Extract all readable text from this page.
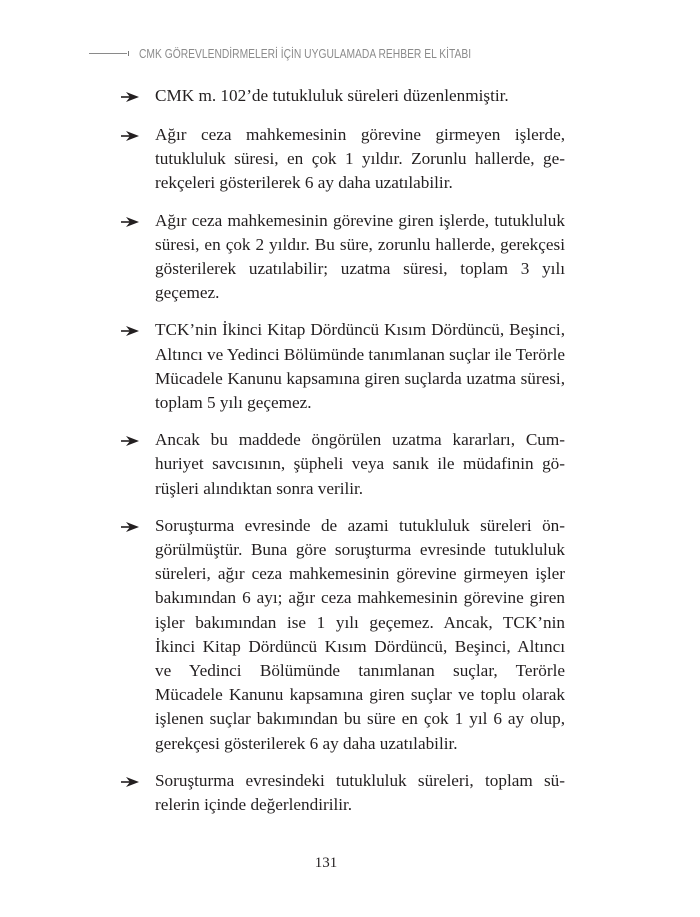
CMK GÖREVLENDİRMELERİ İÇİN UYGULAMADA REHBER EL KİTABI
CMK m. 102’de tutukluluk süreleri düzenlenmiştir.
Ağır ceza mahkemesinin görevine girmeyen işlerde, tutukluluk süresi, en çok 1 yıldır. Zorunlu hallerde, gerekçeleri gösterilerek 6 ay daha uzatılabilir.
Ağır ceza mahkemesinin görevine giren işlerde, tutukluluk süresi, en çok 2 yıldır. Bu süre, zorunlu hallerde, gerekçesi gösterilerek uzatılabilir; uzatma süresi, toplam 3 yılı geçemez.
TCK’nin İkinci Kitap Dördüncü Kısım Dördüncü, Beşinci, Altıncı ve Yedinci Bölümünde tanımlanan suçlar ile Terörle Mücadele Kanunu kapsamına giren suçlarda uzatma süresi, toplam 5 yılı geçemez.
Ancak bu maddede öngörülen uzatma kararları, Cumhuriyet savcısının, şüpheli veya sanık ile müdafinin görüşleri alındıktan sonra verilir.
Soruşturma evresinde de azami tutukluluk süreleri öngörülmüştür. Buna göre soruşturma evresinde tutukluluk süreleri, ağır ceza mahkemesinin görevine girmeyen işler bakımından 6 ayı; ağır ceza mahkemesinin görevine giren işler bakımından ise 1 yılı geçemez. Ancak, TCK’nin İkinci Kitap Dördüncü Kısım Dördüncü, Beşinci, Altıncı ve Yedinci Bölümünde tanımlanan suçlar, Terörle Mücadele Kanunu kapsamına giren suçlar ve toplu olarak işlenen suçlar bakımından bu süre en çok 1 yıl 6 ay olup, gerekçesi gösterilerek 6 ay daha uzatılabilir.
Soruşturma evresindeki tutukluluk süreleri, toplam sürelerin içinde değerlendirilir.
131
